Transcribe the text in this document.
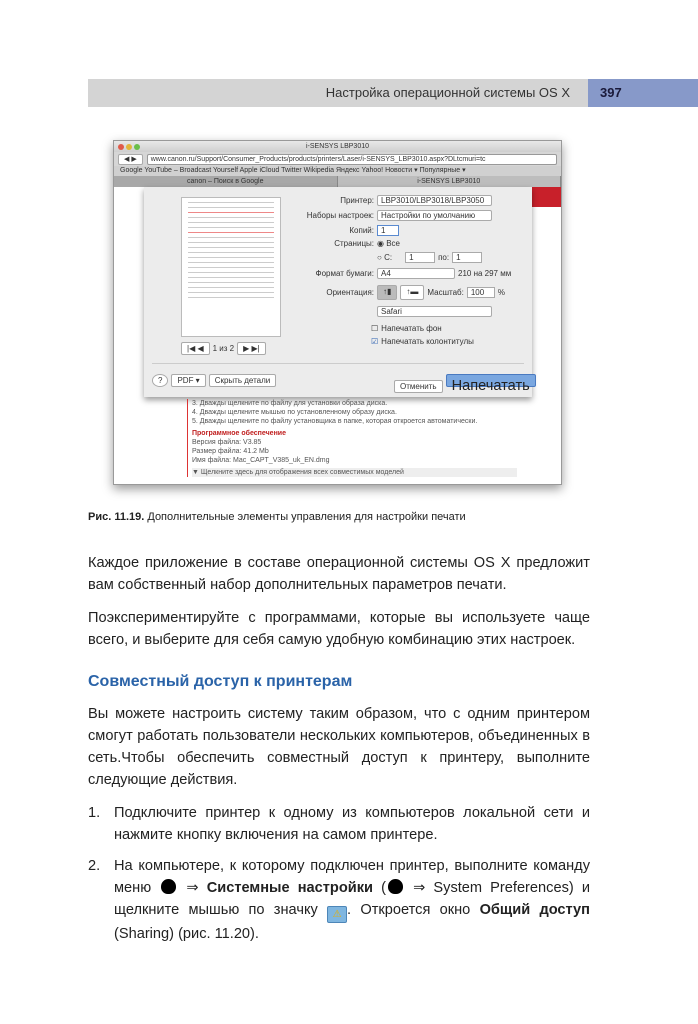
Настройка операционной системы OS X	397
i-SENSYS LBP3010
◀ ▶	www.canon.ru/Support/Consumer_Products/products/printers/Laser/i-SENSYS_LBP3010.aspx?DLtcmuri=tc
Google YouTube – Broadcast Yourself Apple iCloud Twitter Wikipedia Яндекс Yahoo! Новости ▾ Популярные ▾
canon – Поиск в Google	i-SENSYS LBP3010
|◀ ◀	1 из 2	▶ ▶|
Принтер: LBP3010/LBP3018/LBP3050
Наборы настроек: Настройки по умолчанию
Копий: 1
Страницы: ◉ Все
○ С:	1	по: 1
Формат бумаги: A4	210 на 297 мм
Ориентация:	↑▮	↑▬	Масштаб: 100	%
Safari
☐ Напечатать фон
☑ Напечатать колонтитулы
?	PDF ▾	Скрыть детали
Отменить	Напечатать
3. Дважды щелкните по файлу для установки образа диска.
4. Дважды щелкните мышью по установленному образу диска.
5. Дважды щелкните по файлу установщика в папке, которая откроется автоматически.
Программное обеспечение
Версия файла: V3.85
Размер файла: 41.2 Mb
Имя файла: Mac_CAPT_V385_uk_EN.dmg
▼ Щелкните здесь для отображения всех совместимых моделей
Рис. 11.19. Дополнительные элементы управления для настройки печати
Каждое приложение в составе операционной системы OS X предложит вам собственный набор дополнительных параметров печати.
Поэкспериментируйте с программами, которые вы используете чаще всего, и выберите для себя самую удобную комбинацию этих настроек.
Совместный доступ к принтерам
Вы можете настроить систему таким образом, что с одним принтером смогут работать пользователи нескольких компьютеров, объединенных в сеть.Чтобы обеспечить совместный доступ к принтеру, выполните следующие действия.
1. Подключите принтер к одному из компьютеров локальной сети и нажмите кнопку включения на самом принтере.
2. На компьютере, к которому подключен принтер, выполните команду меню  ⇒ Системные настройки ( ⇒ System Preferences) и щелкните мышью по значку ⚠ . Откроется окно Общий доступ (Sharing) (рис. 11.20).
